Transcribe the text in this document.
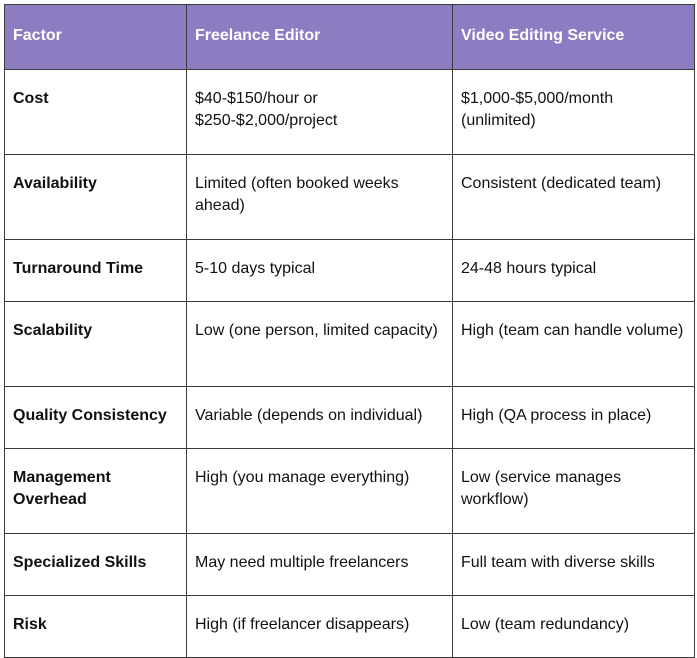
Factor	Freelance Editor	Video Editing Service
Cost	$40-$150/hour or $250-$2,000/project	$1,000-$5,000/month (unlimited)
Availability	Limited (often booked weeks ahead)	Consistent (dedicated team)
Turnaround Time	5-10 days typical	24-48 hours typical
Scalability	Low (one person, limited capacity)	High (team can handle volume)
Quality Consistency	Variable (depends on individual)	High (QA process in place)
Management Overhead	High (you manage everything)	Low (service manages workflow)
Specialized Skills	May need multiple freelancers	Full team with diverse skills
Risk	High (if freelancer disappears)	Low (team redundancy)
